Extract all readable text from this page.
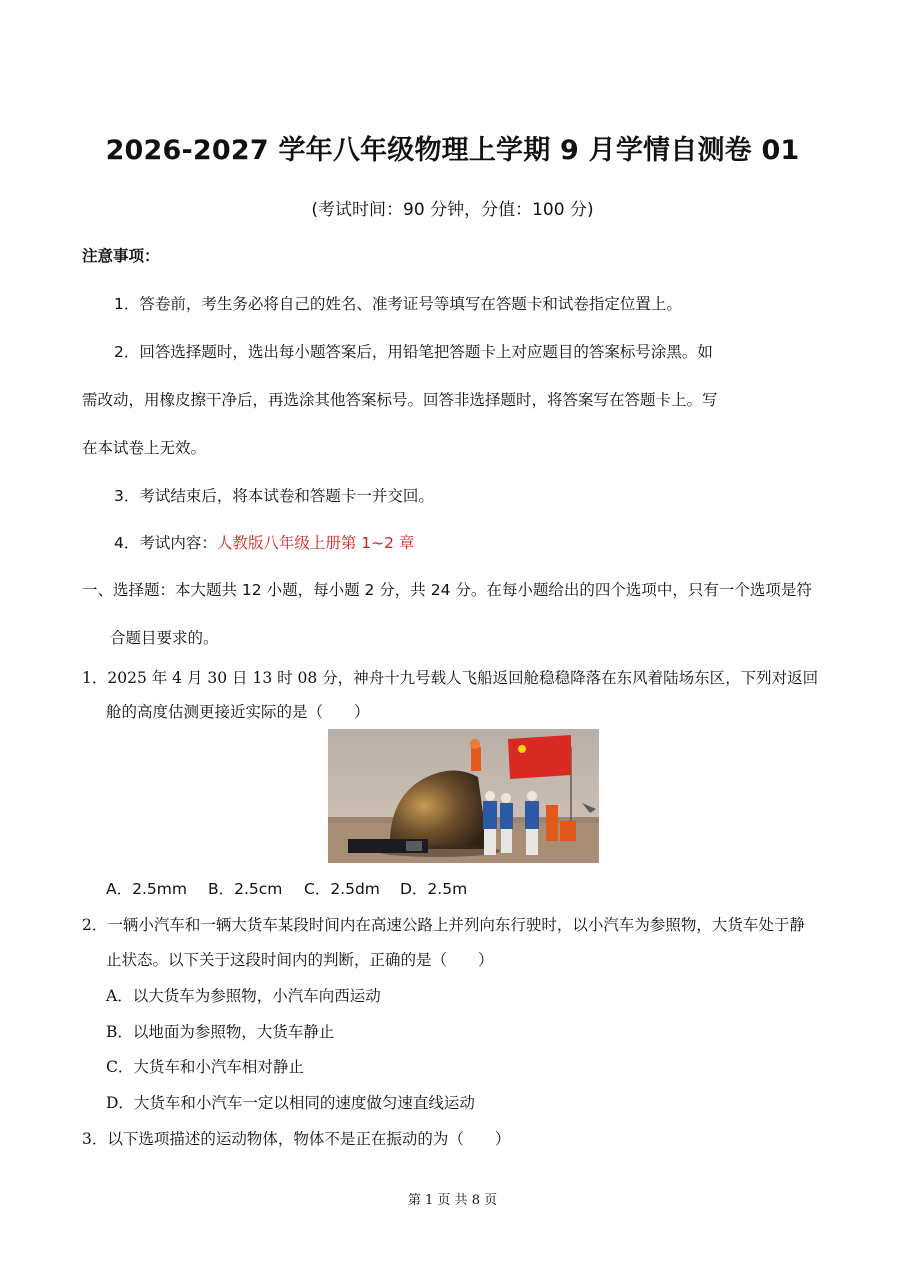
2026-2027 学年八年级物理上学期 9 月学情自测卷 01
(考试时间：90 分钟，分值：100 分)
注意事项：
1．答卷前，考生务必将自己的姓名、准考证号等填写在答题卡和试卷指定位置上。
2．回答选择题时，选出每小题答案后，用铅笔把答题卡上对应题目的答案标号涂黑。如
需改动，用橡皮擦干净后，再选涂其他答案标号。回答非选择题时，将答案写在答题卡上。写
在本试卷上无效。
3．考试结束后，将本试卷和答题卡一并交回。
4．考试内容：人教版八年级上册第 1~2 章
一、选择题：本大题共 12 小题，每小题 2 分，共 24 分。在每小题给出的四个选项中，只有一个选项是符
合题目要求的。
1．2025 年 4 月 30 日 13 时 08 分，神舟十九号载人飞船返回舱稳稳降落在东风着陆场东区，下列对返回
舱的高度估测更接近实际的是（　　）
A．2.5mm B．2.5cm C．2.5dm D．2.5m
2．一辆小汽车和一辆大货车某段时间内在高速公路上并列向东行驶时，以小汽车为参照物，大货车处于静
止状态。以下关于这段时间内的判断，正确的是（　　）
A．以大货车为参照物，小汽车向西运动
B．以地面为参照物，大货车静止
C．大货车和小汽车相对静止
D．大货车和小汽车一定以相同的速度做匀速直线运动
3．以下选项描述的运动物体，物体不是正在振动的为（　　）
第 1 页 共 8 页
